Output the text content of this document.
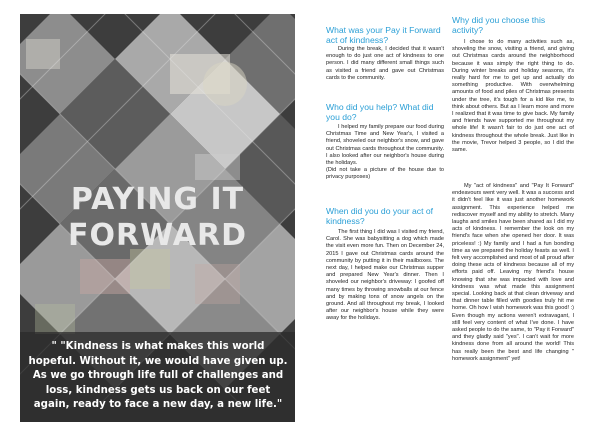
PAYING IT
FORWARD
" "Kindness is what makes this world hopeful. Without it, we would have given up. As we go through life full of challenges and loss, kindness gets us back on our feet again, ready to face a new day, a new life."
What was your Pay it Forward act of kindness?

During the break, I decided that it wasn't enough to do just one act of kindness to one person. I did many different small things such as visited a friend and gave out Christmas cards to the community.

Who did you help? What did you do?
I helped my family prepare our food during Christmas Time and New Year's, I visited a friend, shoveled our neighbor's snow, and gave out Christmas cards throughout the community. I also looked after our neighbor's house during the holidays.
(Did not take a picture of the house due to privacy purposes)
When did you do your act of kindness?

The first thing I did was I visited my friend, Carol. She was babysitting a dog which made the visit even more fun. Then on December 24, 2015 I gave out Christmas cards around the community by putting it in their mailboxes. The next day, I helped make our Christmas supper and prepared New Year's dinner. Then I shoveled our neighbor's driveway: I goofed off many times by throwing snowballs at our fence and by making tons of snow angels on the ground. And all throughout my break, I looked after our neighbor's house while they were away for the holidays.

Why did you choose this activity?

I chose to do many activities such as, shoveling the snow, visiting a friend, and giving out Christmas cards around the neighborhood because it was simply the right thing to do. During winter breaks and holiday seasons, it's really hard for me to get up and actually do something productive. With overwhelming amounts of food and piles of Christmas presents under the tree, it's tough for a kid like me, to think about others. But as I learn more and more I realized that it was time to give back. My family and friends have supported me throughout my whole life! It wasn't fair to do just one act of kindness throughout the whole break. Just like in the movie, Trevor helped 3 people, so I did the same.

My "act of kindness" and "Pay It Forward" endeavours went very well. It was a success and it didn't feel like it was just another homework assignment. This experience helped me rediscover myself and my ability to stretch. Many laughs and smiles have been shared as I did my acts of kindness. I remember the look on my friend's face when she opened her door. It was priceless! :) My family and I had a fun bonding time as we prepared the holiday feasts as well. I felt very accomplished and most of all proud after doing these acts of kindness because all of my efforts paid off. Leaving my friend's house knowing that she was impacted with love and kindness was what made this assignment special. Looking back at that clean driveway and that dinner table filled with goodies truly hit me home. Oh how I wish homework was this good! :) Even though my actions weren't extravagant, I still feel very content of what I've done. I have asked people to do the same, to "Pay it Forward" and they gladly said "yes". I can't wait for more kindness done from all around the world! This has really been the best and life changing " homework assignment" yet!
